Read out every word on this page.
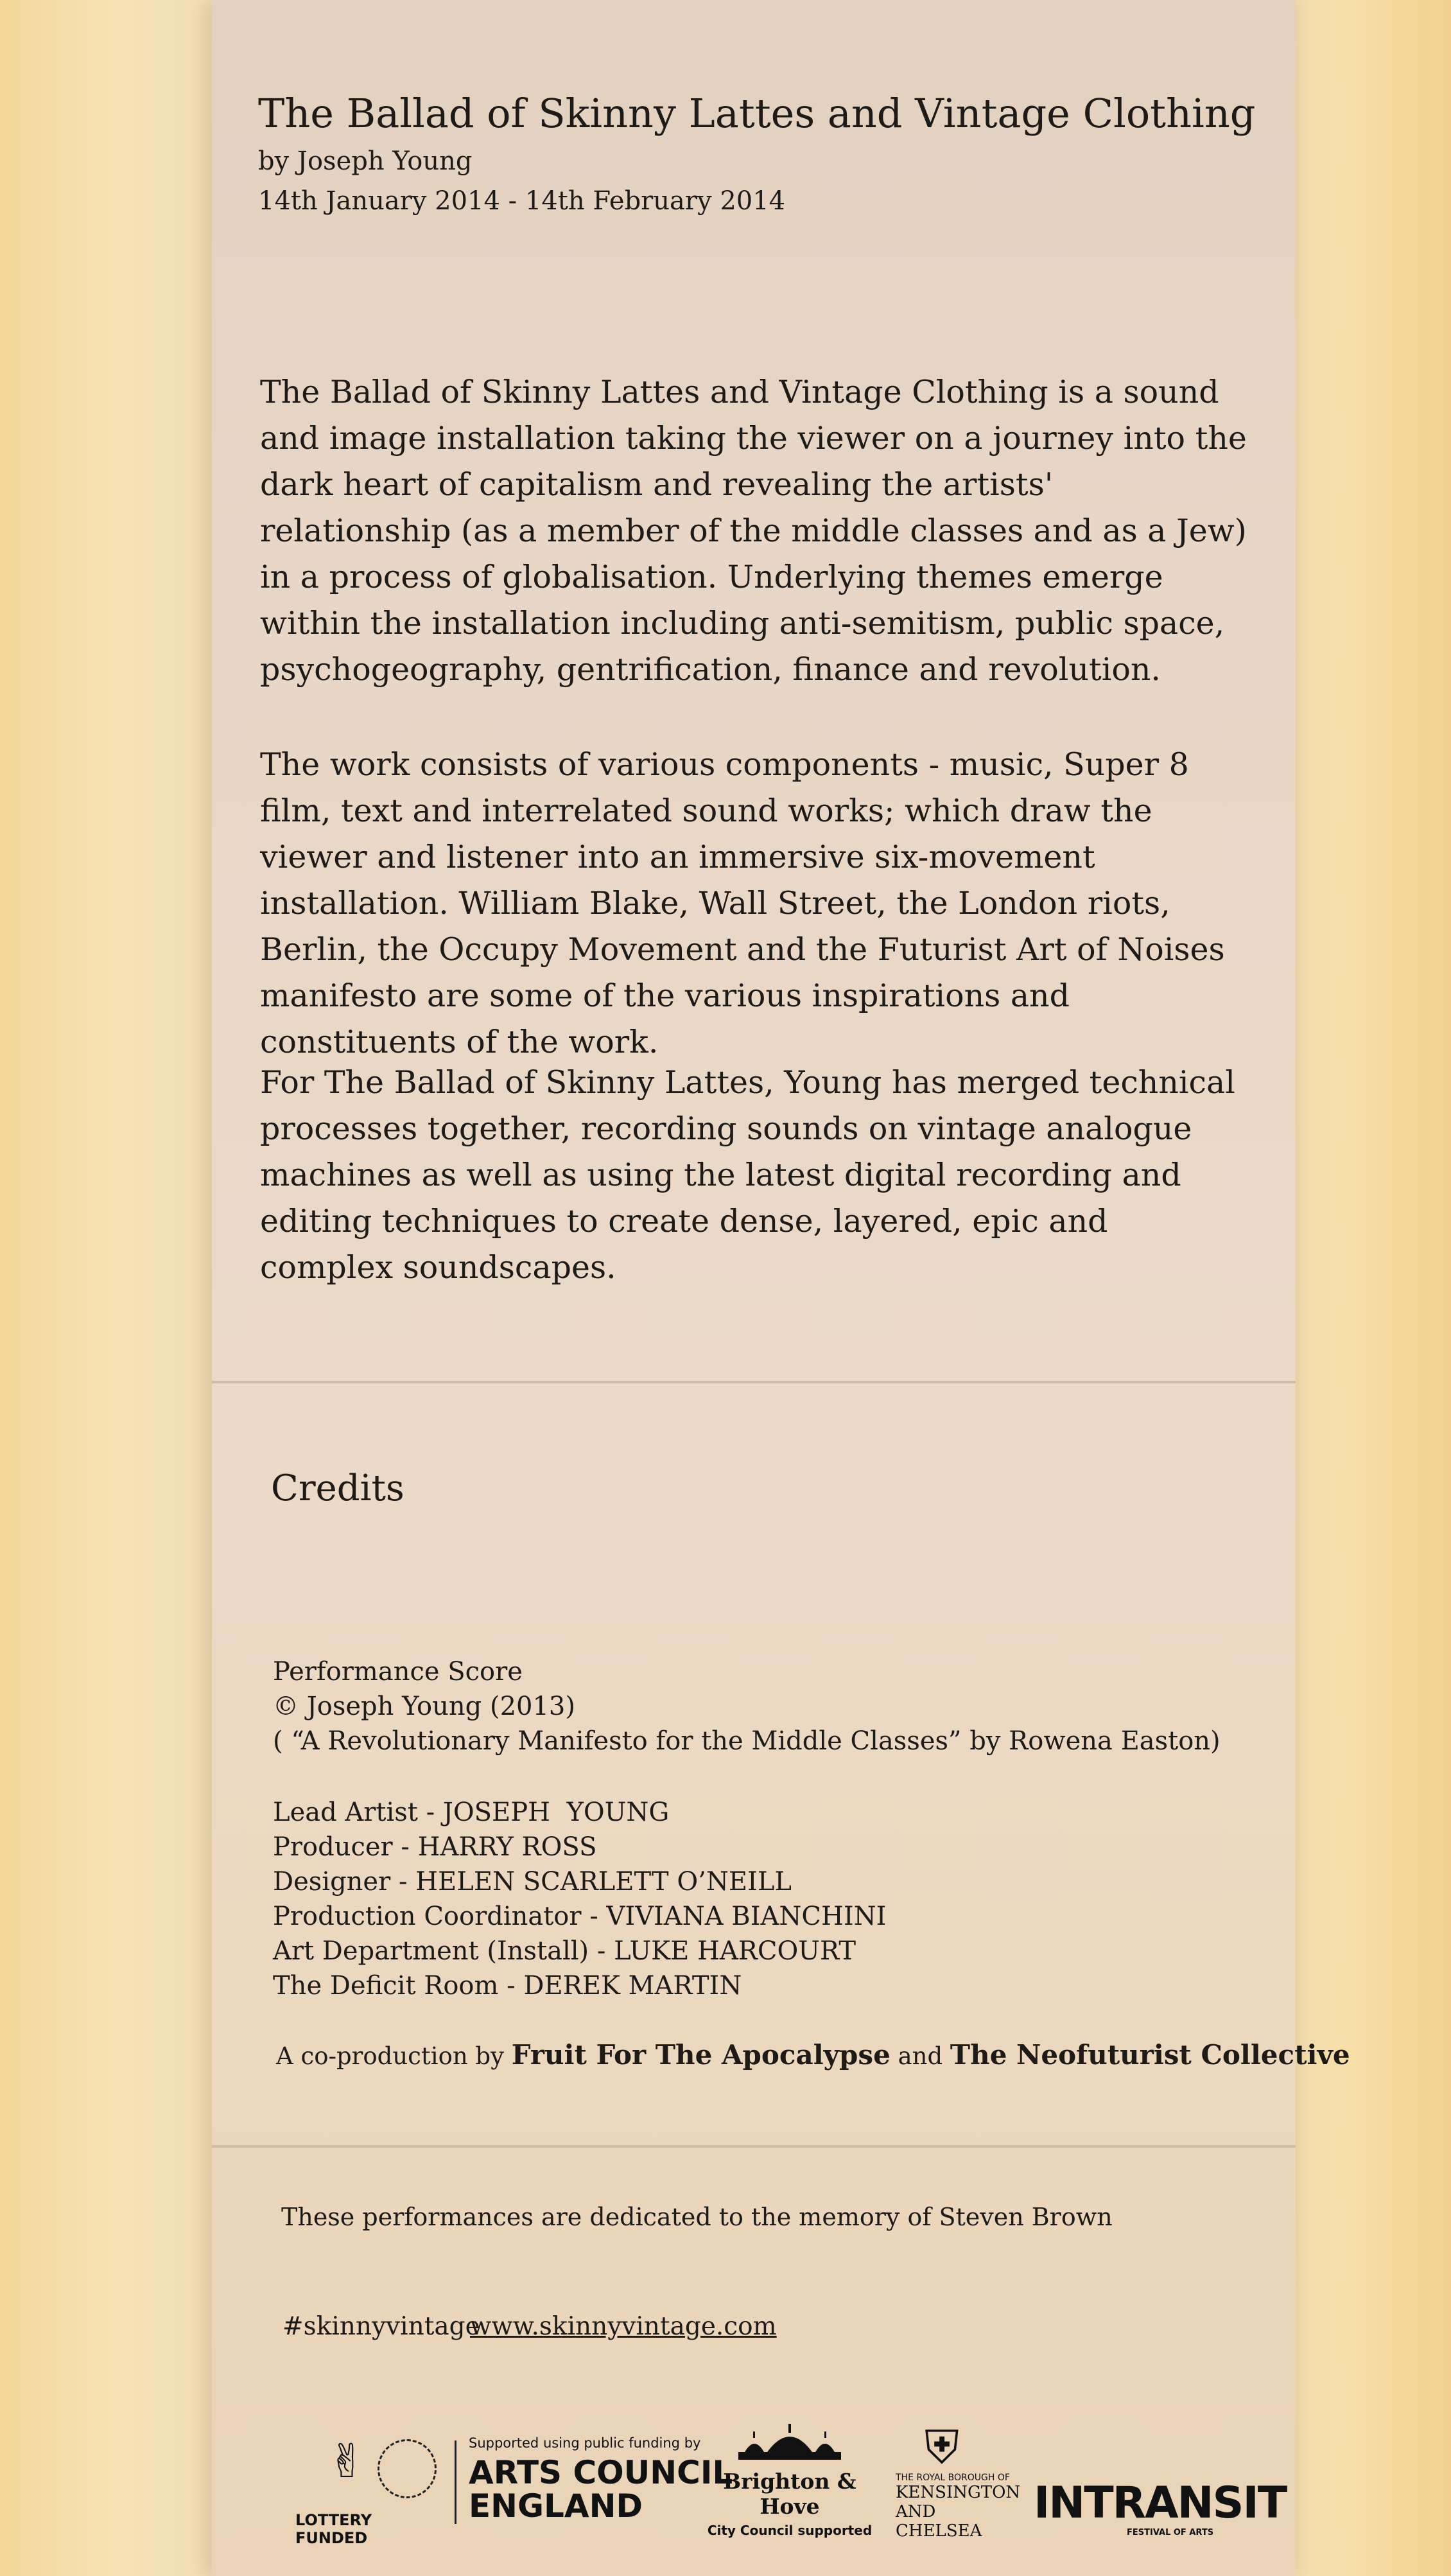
The Ballad of Skinny Lattes and Vintage Clothing
by Joseph Young
14th January 2014 - 14th February 2014
The Ballad of Skinny Lattes and Vintage Clothing is a sound and image installation taking the viewer on a journey into the dark heart of capitalism and revealing the artists' relationship (as a member of the middle classes and as a Jew) in a process of globalisation. Underlying themes emerge within the installation including anti-semitism, public space, psychogeography, gentrification, finance and revolution.
The work consists of various components - music, Super 8 film, text and interrelated sound works; which draw the viewer and listener into an immersive six-movement installation. William Blake, Wall Street, the London riots, Berlin, the Occupy Movement and the Futurist Art of Noises manifesto are some of the various inspirations and constituents of the work.
For The Ballad of Skinny Lattes, Young has merged technical processes together, recording sounds on vintage analogue machines as well as using the latest digital recording and editing techniques to create dense, layered, epic and complex soundscapes.
Credits
Performance Score
© Joseph Young (2013)
( “A Revolutionary Manifesto for the Middle Classes” by Rowena Easton)
Lead Artist - JOSEPH  YOUNG
Producer - HARRY ROSS
Designer - HELEN SCARLETT O’NEILL
Production Coordinator - VIVIANA BIANCHINI
Art Department (Install) - LUKE HARCOURT
The Deficit Room - DEREK MARTIN
A co-production by Fruit For The Apocalypse and The Neofuturist Collective
These performances are dedicated to the memory of Steven Brown
#skinnyvintage
www.skinnyvintage.com
✌
LOTTERY FUNDED
Supported using public funding by
ARTS COUNCIL
ENGLAND
Brighton & Hove
City Council supported
⛨
THE ROYAL BOROUGH OF
KENSINGTON
AND CHELSEA
INTRANSIT
FESTIVAL OF ARTS
